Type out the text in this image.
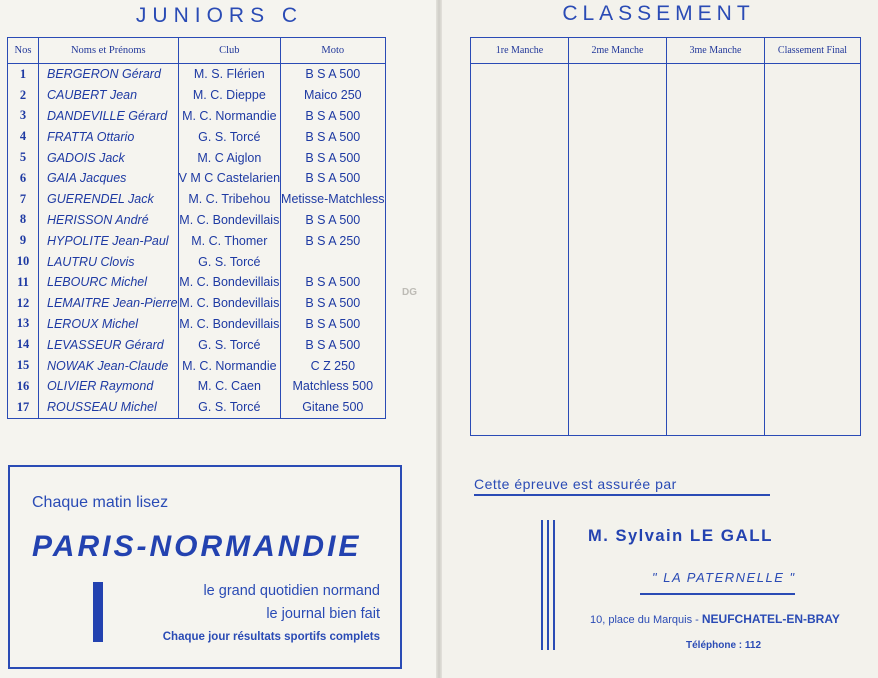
JUNIORS C	CLASSEMENT
Nos	Noms et Prénoms	Club	Moto
1	BERGERON Gérard	M. S. Flérien	B S A 500
2	CAUBERT Jean	M. C. Dieppe	Maico 250
3	DANDEVILLE Gérard	M. C. Normandie	B S A 500
4	FRATTA Ottario	G. S. Torcé	B S A 500
5	GADOIS Jack	M. C Aiglon	B S A 500
6	GAIA Jacques	V M C Castelarien	B S A 500
7	GUERENDEL Jack	M. C. Tribehou	Metisse-Matchless
8	HERISSON André	M. C. Bondevillais	B S A 500
9	HYPOLITE Jean-Paul	M. C. Thomer	B S A 250
10	LAUTRU Clovis	G. S. Torcé	
11	LEBOURC Michel	M. C. Bondevillais	B S A 500
12	LEMAITRE Jean-Pierre	M. C. Bondevillais	B S A 500
13	LEROUX Michel	M. C. Bondevillais	B S A 500
14	LEVASSEUR Gérard	G. S. Torcé	B S A 500
15	NOWAK Jean-Claude	M. C. Normandie	C Z 250
16	OLIVIER Raymond	M. C. Caen	Matchless 500
17	ROUSSEAU Michel	G. S. Torcé	Gitane 500
1re Manche	2me Manche	3me Manche	Classement Final

DG
Chaque matin lisez
PARIS-NORMANDIE
le grand quotidien normand
le journal bien fait
Chaque jour résultats sportifs complets
Cette épreuve est assurée par
M. Sylvain LE GALL
" LA PATERNELLE "
10, place du Marquis - NEUFCHATEL-EN-BRAY
Téléphone : 112
